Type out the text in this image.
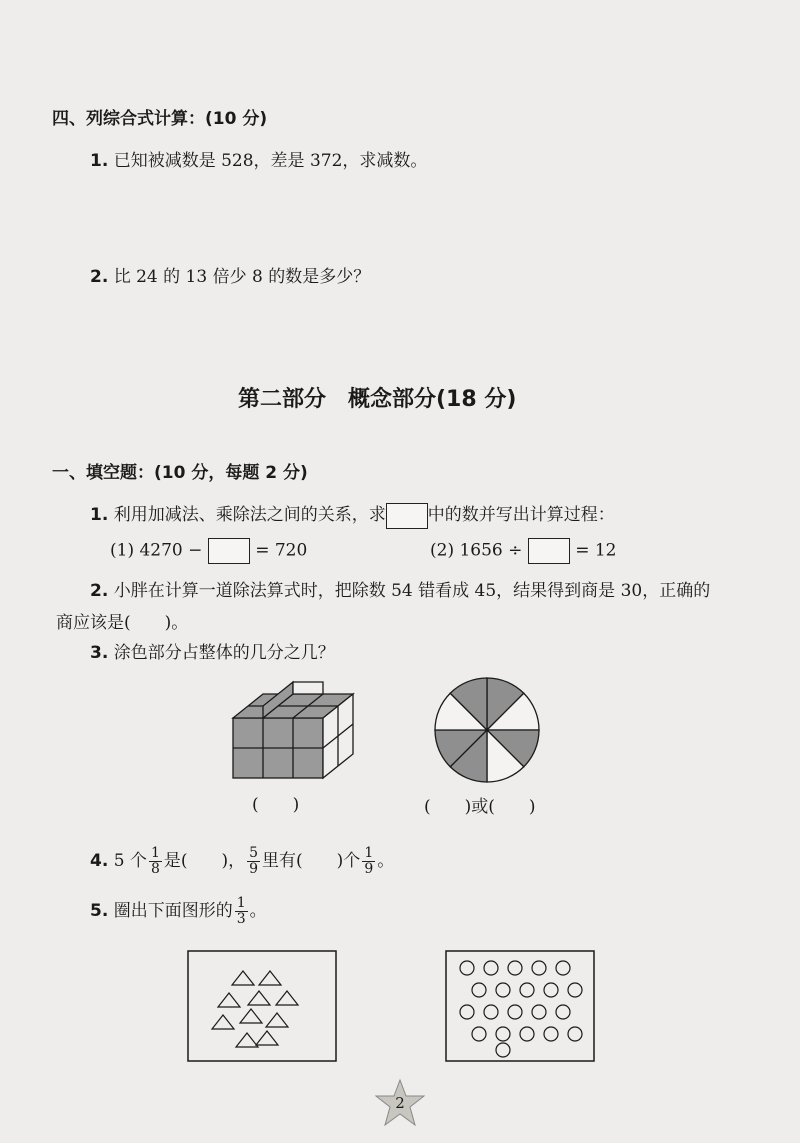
四、列综合式计算：(10 分)
1. 已知被减数是 528，差是 372，求减数。
2. 比 24 的 13 倍少 8 的数是多少？
第二部分　概念部分(18 分)
一、填空题：(10 分，每题 2 分)
1. 利用加减法、乘除法之间的关系，求 中的数并写出计算过程：
(1) 4270 −	= 720	(2) 1656 ÷	= 12
2. 小胖在计算一道除法算式时，把除数 54 错看成 45，结果得到商是 30，正确的
商应该是(　　)。
3. 涂色部分占整体的几分之几？
(　　)	(　　)或(　　)
4. 5 个 $\frac{1}{8}$ 是(　　)， $\frac{5}{9}$ 里有(　　)个 $\frac{1}{9}$ 。
5. 圈出下面图形的 $\frac{1}{3}$ 。
2
